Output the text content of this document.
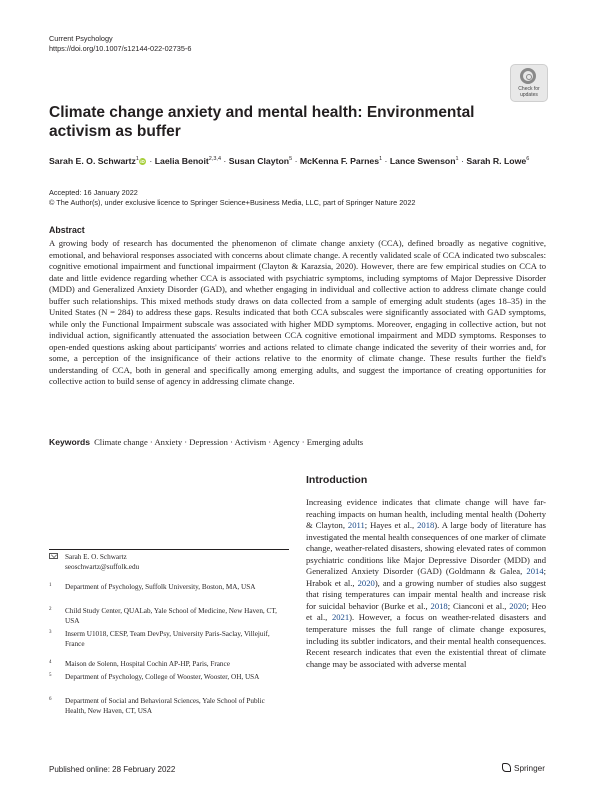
Current Psychology
https://doi.org/10.1007/s12144-022-02735-6
Check for updates
Climate change anxiety and mental health: Environmental activism as buffer
Sarah E. O. Schwartz$^1$iD · Laelia Benoit$^{2,3,4}$ · Susan Clayton$^5$ · McKenna F. Parnes$^1$ · Lance Swenson$^1$ · Sarah R. Lowe$^6$
Accepted: 16 January 2022
© The Author(s), under exclusive licence to Springer Science+Business Media, LLC, part of Springer Nature 2022
Abstract
A growing body of research has documented the phenomenon of climate change anxiety (CCA), defined broadly as negative cognitive, emotional, and behavioral responses associated with concerns about climate change. A recently validated scale of CCA indicated two subscales: cognitive emotional impairment and functional impairment (Clayton & Karazsia, 2020). However, there are few empirical studies on CCA to date and little evidence regarding whether CCA is associated with psychiatric symptoms, including symptoms of Major Depressive Disorder (MDD) and Generalized Anxiety Disorder (GAD), and whether engaging in individual and collective action to address climate change could buffer such relationships. This mixed methods study draws on data collected from a sample of emerging adult students (ages 18–35) in the United States (N = 284) to address these gaps. Results indicated that both CCA subscales were significantly associated with GAD symptoms, while only the Functional Impairment subscale was associated with higher MDD symptoms. Moreover, engaging in collective action, but not individual action, significantly attenuated the association between CCA cognitive emotional impairment and MDD symptoms. Responses to open-ended questions asking about participants' worries and actions related to climate change indicated the severity of their worries and, for some, a perception of the insignificance of their actions relative to the enormity of climate change. These results further the field's understanding of CCA, both in general and specifically among emerging adults, and suggest the importance of creating opportunities for collective action to build sense of agency in addressing climate change.
Keywords Climate change · Anxiety · Depression · Activism · Agency · Emerging adults
Introduction
Increasing evidence indicates that climate change will have far-reaching impacts on human health, including mental health (Doherty & Clayton, 2011; Hayes et al., 2018). A large body of literature has investigated the mental health consequences of one marker of climate change, weather-related disasters, showing elevated rates of common psychiatric conditions like Major Depressive Disorder (MDD) and Generalized Anxiety Disorder (GAD) (Goldmann & Galea, 2014; Hrabok et al., 2020), and a growing number of studies also suggest that rising temperatures can impair mental health and increase risk for suicidal behavior (Burke et al., 2018; Cianconi et al., 2020; Heo et al., 2021). However, a focus on weather-related disasters and temperature misses the full range of climate change exposures, including its subtler indicators, and their mental health consequences. Recent research indicates that even the existential threat of climate change may be associated with adverse mental
Sarah E. O. Schwartz
seoschwartz@suffolk.edu
1 Department of Psychology, Suffolk University, Boston, MA, USA
2 Child Study Center, QUALab, Yale School of Medicine, New Haven, CT, USA
3 Inserm U1018, CESP, Team DevPsy, University Paris-Saclay, Villejuif, France
4 Maison de Solenn, Hospital Cochin AP-HP, Paris, France
5 Department of Psychology, College of Wooster, Wooster, OH, USA
6 Department of Social and Behavioral Sciences, Yale School of Public Health, New Haven, CT, USA
Published online: 28 February 2022	Springer
